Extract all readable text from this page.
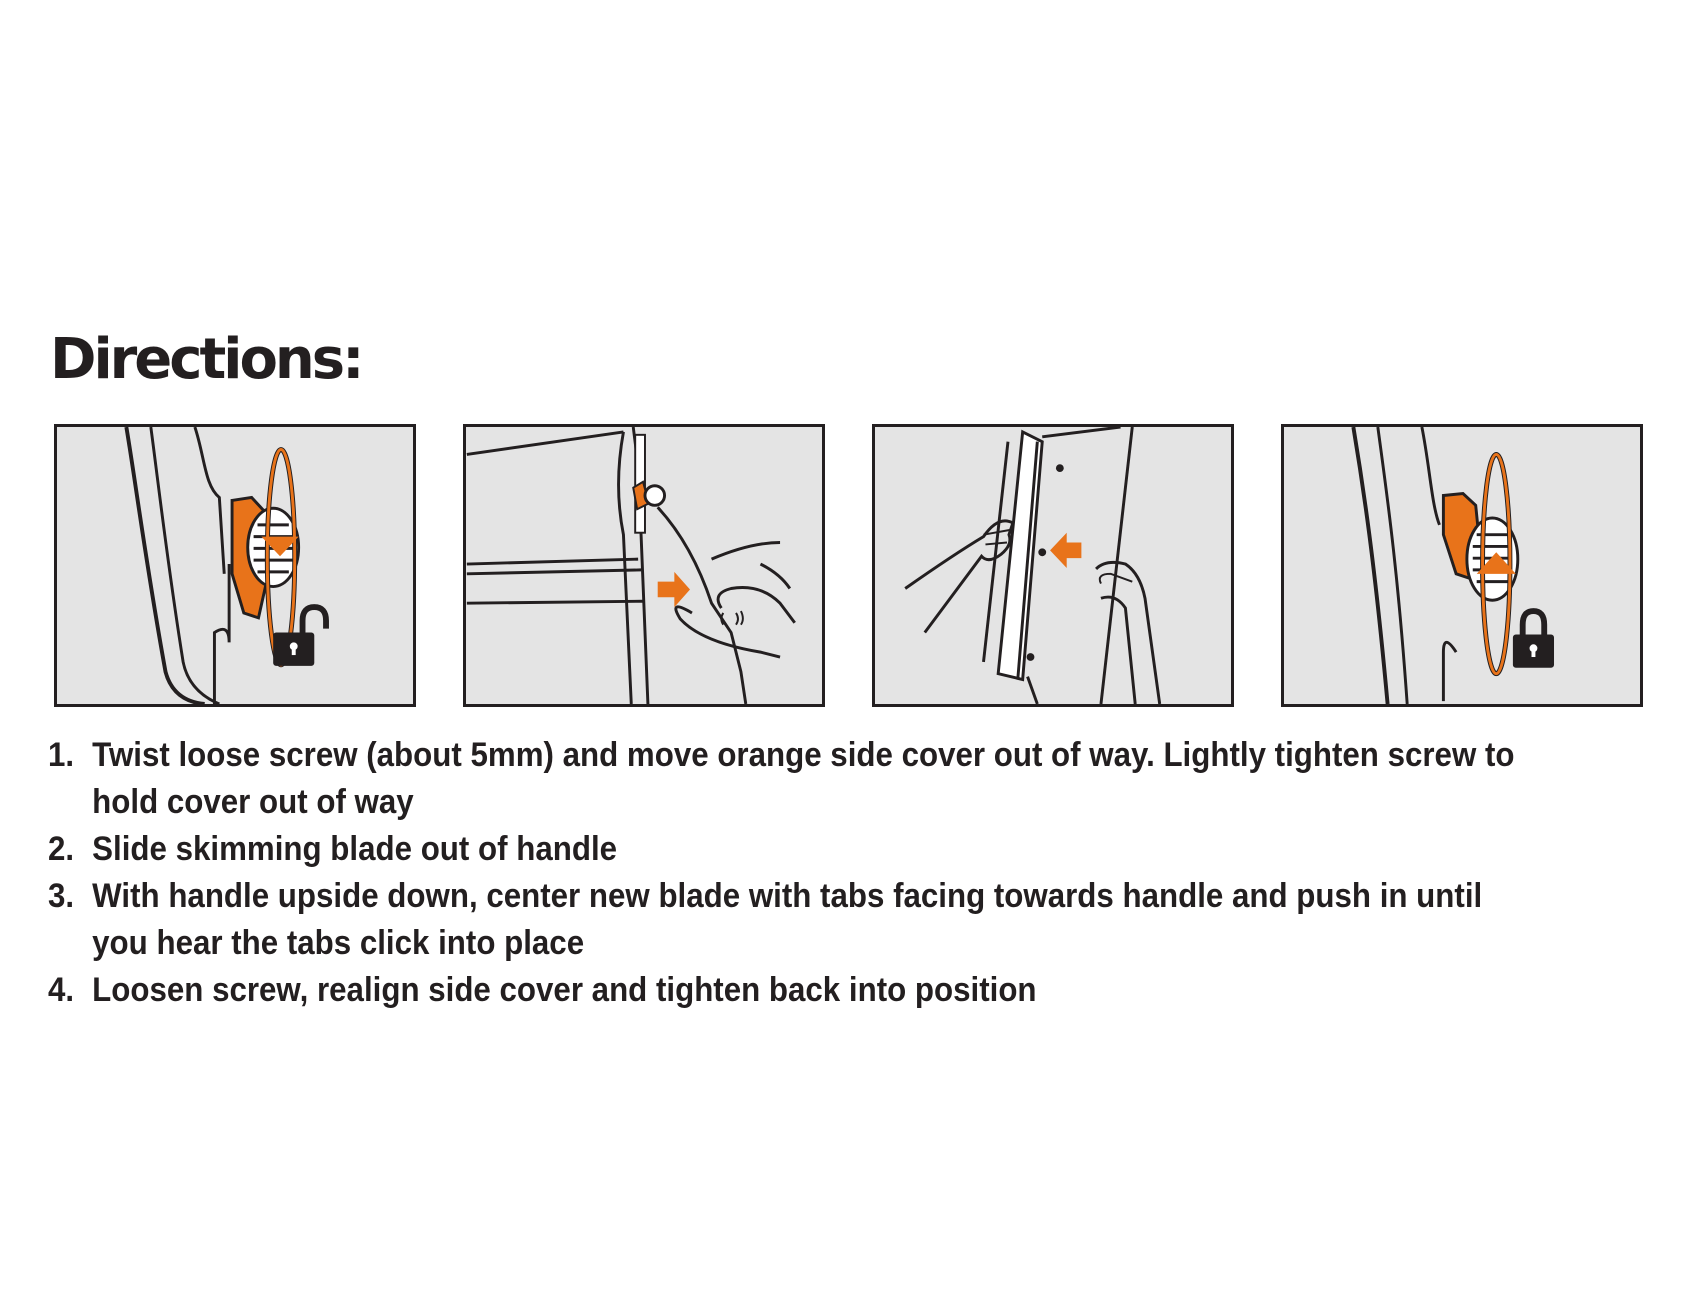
Directions:
1. Twist loose screw (about 5mm) and move orange side cover out of way. Lightly tighten screw to hold cover out of way
2. Slide skimming blade out of handle
3. With handle upside down, center new blade with tabs facing towards handle and push in until you hear the tabs click into place
4. Loosen screw, realign side cover and tighten back into position
